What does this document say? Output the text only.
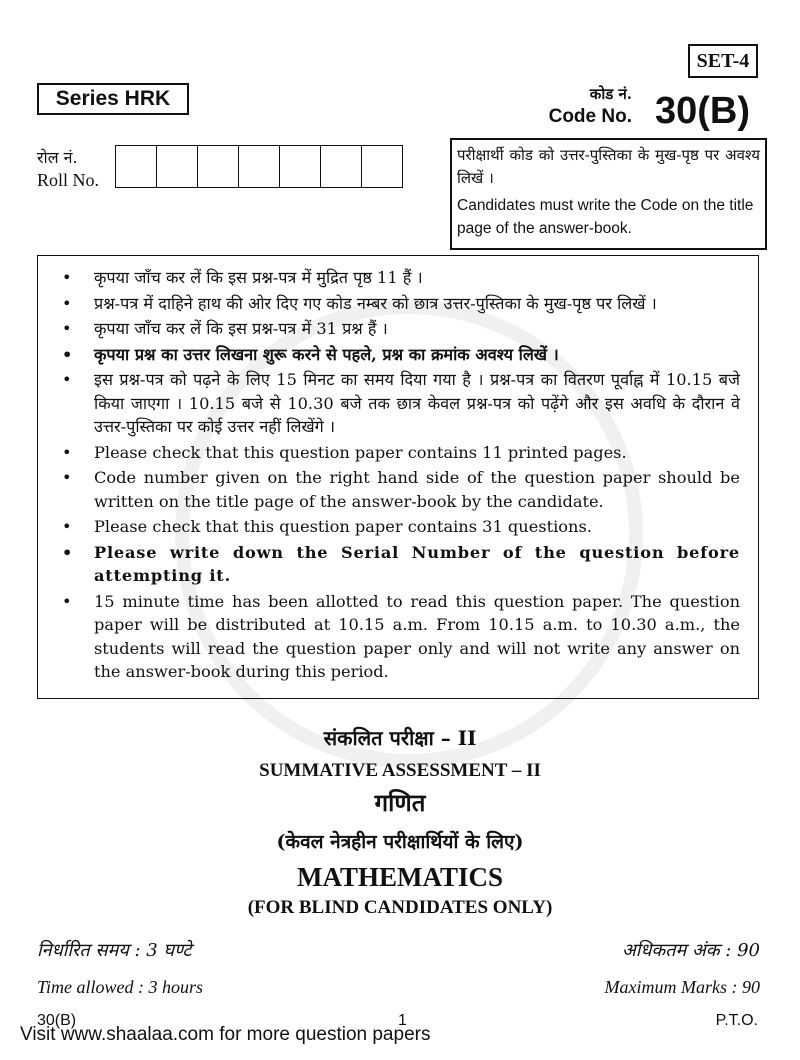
SET-4
Series HRK	कोड नं.
Code No. 30(B)
रोल नं.
Roll No.
परीक्षार्थी कोड को उत्तर-पुस्तिका के मुख-पृष्ठ पर अवश्य लिखें ।
Candidates must write the Code on the title page of the answer-book.
• कृपया जाँच कर लें कि इस प्रश्न-पत्र में मुद्रित पृष्ठ 11 हैं ।
• प्रश्न-पत्र में दाहिने हाथ की ओर दिए गए कोड नम्बर को छात्र उत्तर-पुस्तिका के मुख-पृष्ठ पर लिखें ।
• कृपया जाँच कर लें कि इस प्रश्न-पत्र में 31 प्रश्न हैं ।
• कृपया प्रश्न का उत्तर लिखना शुरू करने से पहले, प्रश्न का क्रमांक अवश्य लिखें ।
• इस प्रश्न-पत्र को पढ़ने के लिए 15 मिनट का समय दिया गया है । प्रश्न-पत्र का वितरण पूर्वाह्न में 10.15 बजे किया जाएगा । 10.15 बजे से 10.30 बजे तक छात्र केवल प्रश्न-पत्र को पढ़ेंगे और इस अवधि के दौरान वे उत्तर-पुस्तिका पर कोई उत्तर नहीं लिखेंगे ।
• Please check that this question paper contains 11 printed pages.
• Code number given on the right hand side of the question paper should be written on the title page of the answer-book by the candidate.
• Please check that this question paper contains 31 questions.
• Please write down the Serial Number of the question before attempting it.
• 15 minute time has been allotted to read this question paper. The question paper will be distributed at 10.15 a.m. From 10.15 a.m. to 10.30 a.m., the students will read the question paper only and will not write any answer on the answer-book during this period.
संकलित परीक्षा – II
SUMMATIVE ASSESSMENT – II
गणित
(केवल नेत्रहीन परीक्षार्थियों के लिए)
MATHEMATICS
(FOR BLIND CANDIDATES ONLY)
निर्धारित समय : 3 घण्टे	अधिकतम अंक : 90
Time allowed : 3 hours	Maximum Marks : 90
30(B)	1	P.T.O.
Visit www.shaalaa.com for more question papers
